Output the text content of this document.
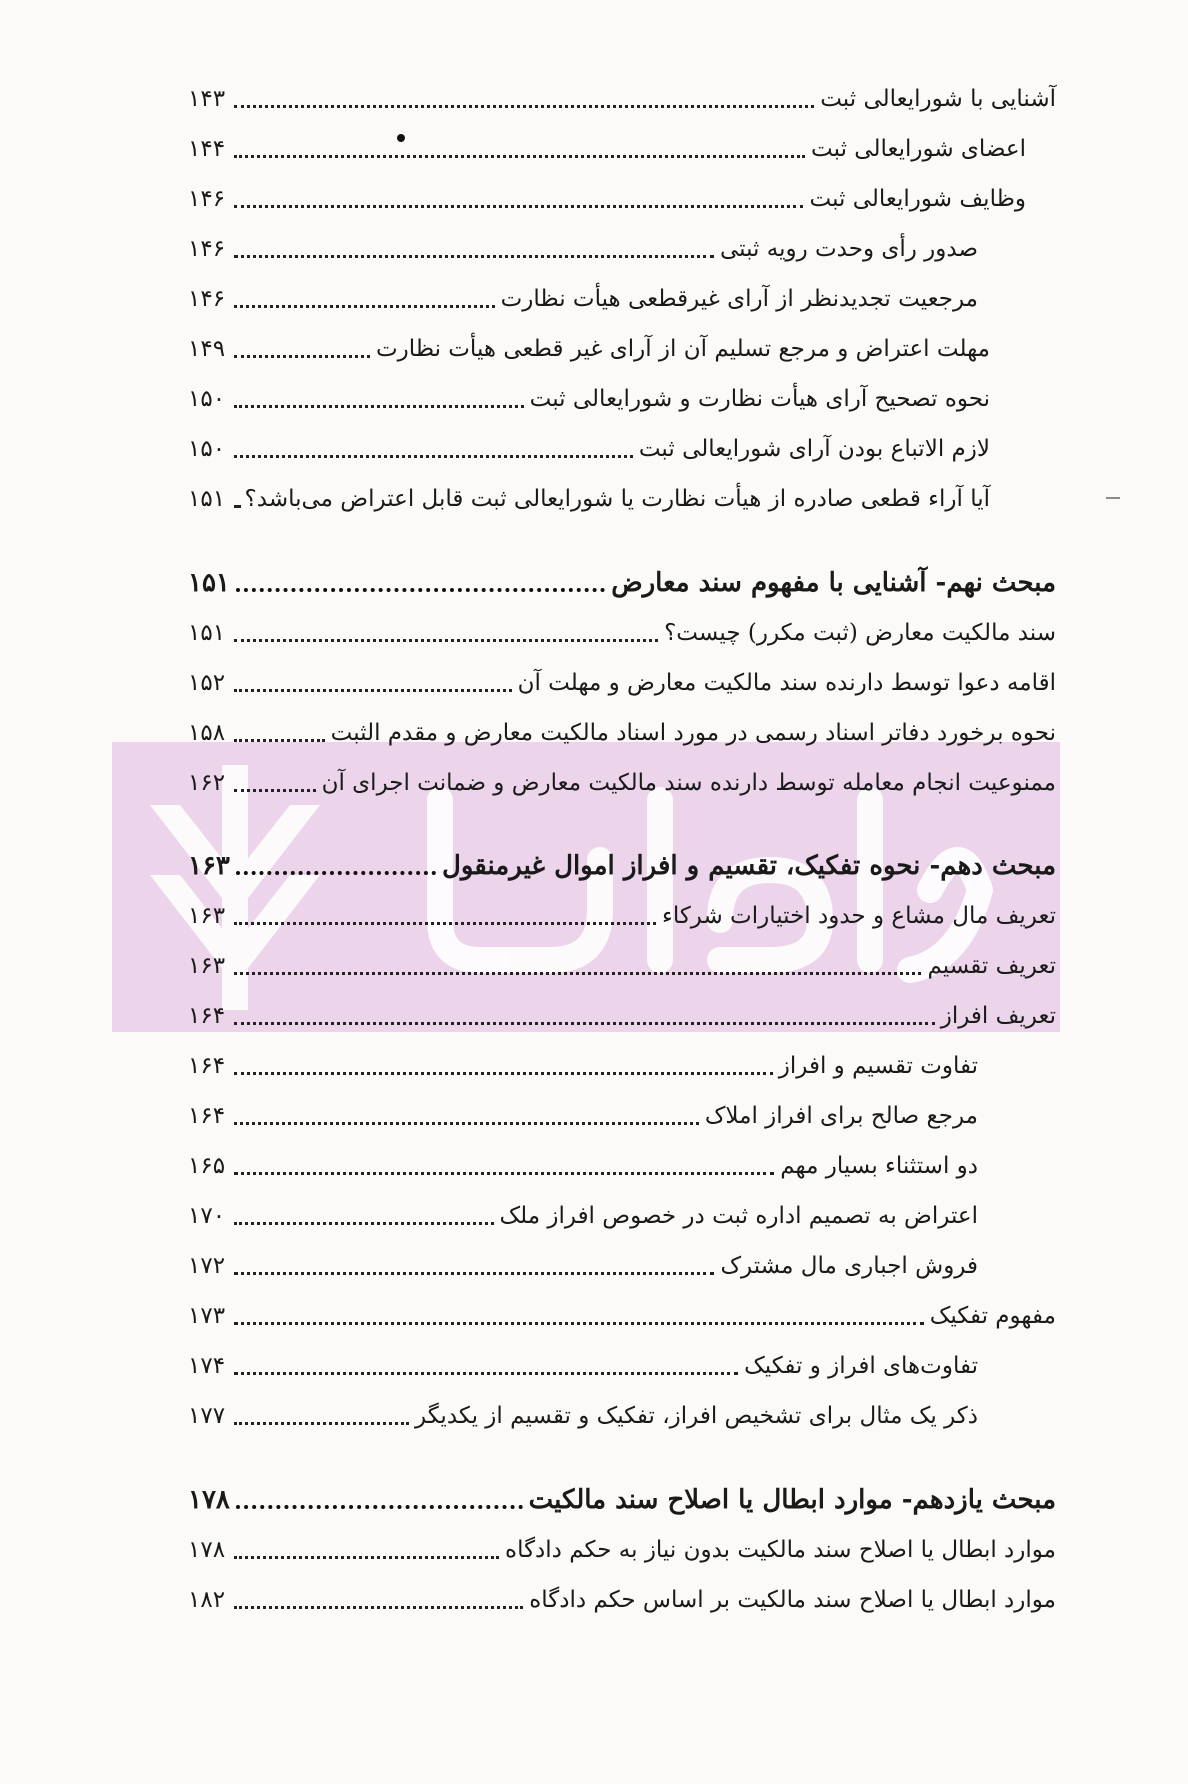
آشنایی با شورایعالی ثبت
۱۴۳
اعضای شورایعالی ثبت
۱۴۴
وظایف شورایعالی ثبت
۱۴۶
صدور رأی وحدت رویه ثبتی
۱۴۶
مرجعیت تجدیدنظر از آرای غیرقطعی هیأت نظارت
۱۴۶
مهلت اعتراض و مرجع تسلیم آن از آرای غیر قطعی هیأت نظارت
۱۴۹
نحوه تصحیح آرای هیأت نظارت و شورایعالی ثبت
۱۵۰
لازم الاتباع بودن آرای شورایعالی ثبت
۱۵۰
آیا آراء قطعی صادره از هیأت نظارت یا شورایعالی ثبت قابل اعتراض می‌باشد؟
۱۵۱
مبحث نهم- آشنایی با مفهوم سند معارض
۱۵۱
سند مالکیت معارض (ثبت مکرر) چیست؟
۱۵۱
اقامه دعوا توسط دارنده سند مالکیت معارض و مهلت آن
۱۵۲
نحوه برخورد دفاتر اسناد رسمی در مورد اسناد مالکیت معارض و مقدم الثبت
۱۵۸
ممنوعیت انجام معامله توسط دارنده سند مالکیت معارض و ضمانت اجرای آن
۱۶۲
مبحث دهم- نحوه تفکیک، تقسیم و افراز اموال غیرمنقول
۱۶۳
تعریف مال مشاع و حدود اختیارات شرکاء
۱۶۳
تعریف تقسیم
۱۶۳
تعریف افراز
۱۶۴
تفاوت تقسیم و افراز
۱۶۴
مرجع صالح برای افراز املاک
۱۶۴
دو استثناء بسیار مهم
۱۶۵
اعتراض به تصمیم اداره ثبت در خصوص افراز ملک
۱۷۰
فروش اجباری مال مشترک
۱۷۲
مفهوم تفکیک
۱۷۳
تفاوت‌های افراز و تفکیک
۱۷۴
ذکر یک مثال برای تشخیص افراز، تفکیک و تقسیم از یکدیگر
۱۷۷
مبحث یازدهم- موارد ابطال یا اصلاح سند مالکیت
۱۷۸
موارد ابطال یا اصلاح سند مالکیت بدون نیاز به حکم دادگاه
۱۷۸
موارد ابطال یا اصلاح سند مالکیت بر اساس حکم دادگاه
۱۸۲
